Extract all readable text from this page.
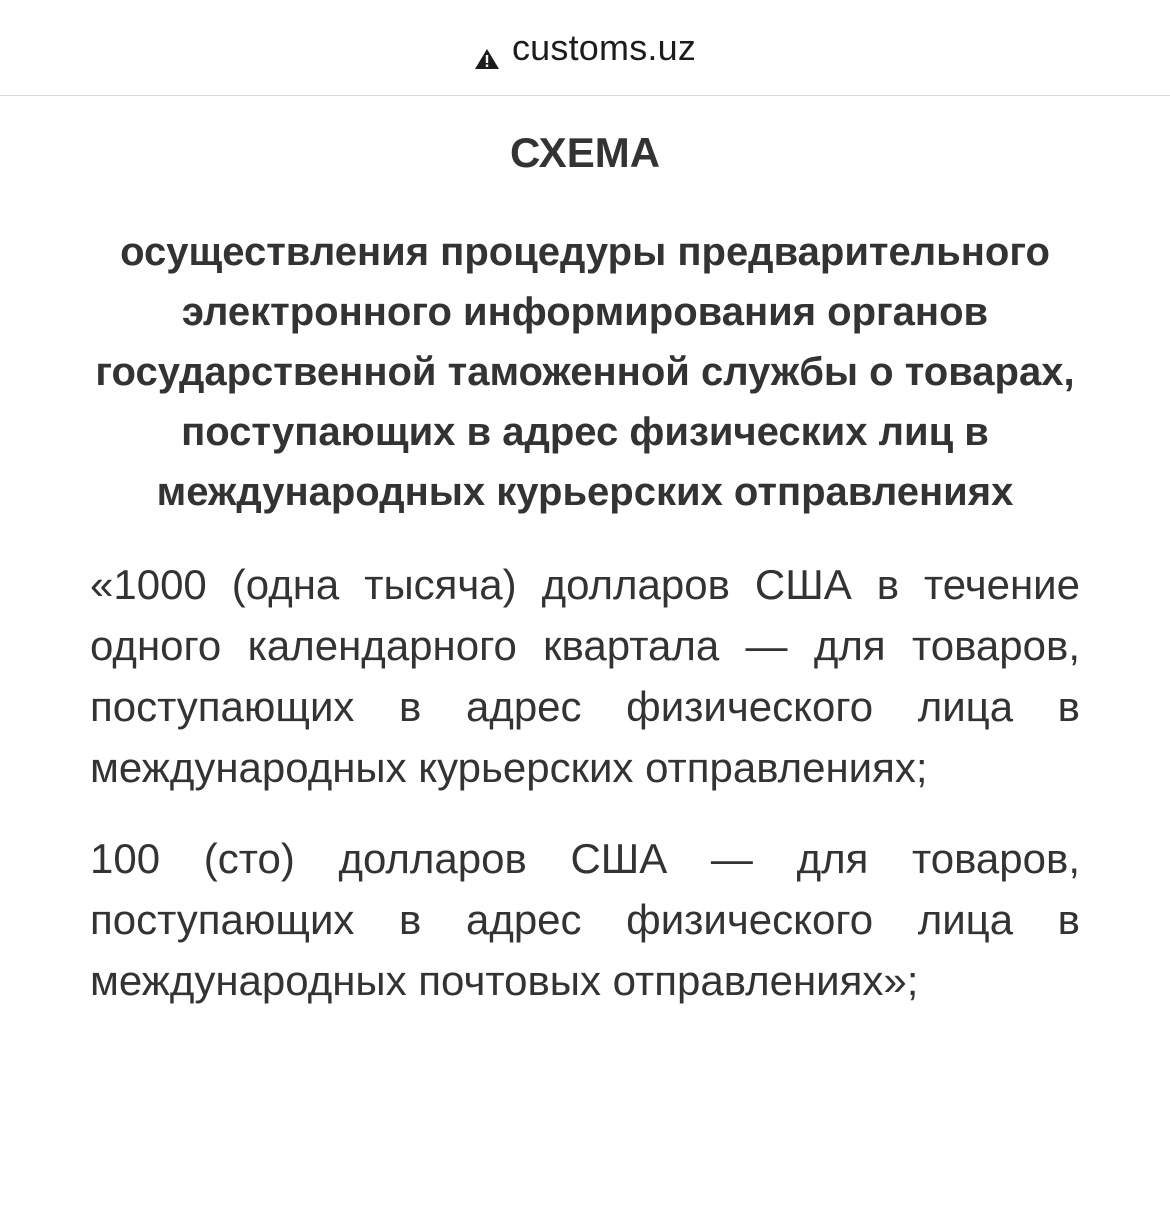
customs.uz
СХЕМА
осуществления процедуры предварительного электронного информирования органов государственной таможенной службы о товарах, поступающих в адрес физических лиц в международных курьерских отправлениях

«1000 (одна тысяча) долларов США в течение одного календарного квартала — для товаров, поступающих в адрес физического лица в международных курьерских отправлениях;

100 (сто) долларов США — для товаров, поступающих в адрес физического лица в международных почтовых отправлениях»;
